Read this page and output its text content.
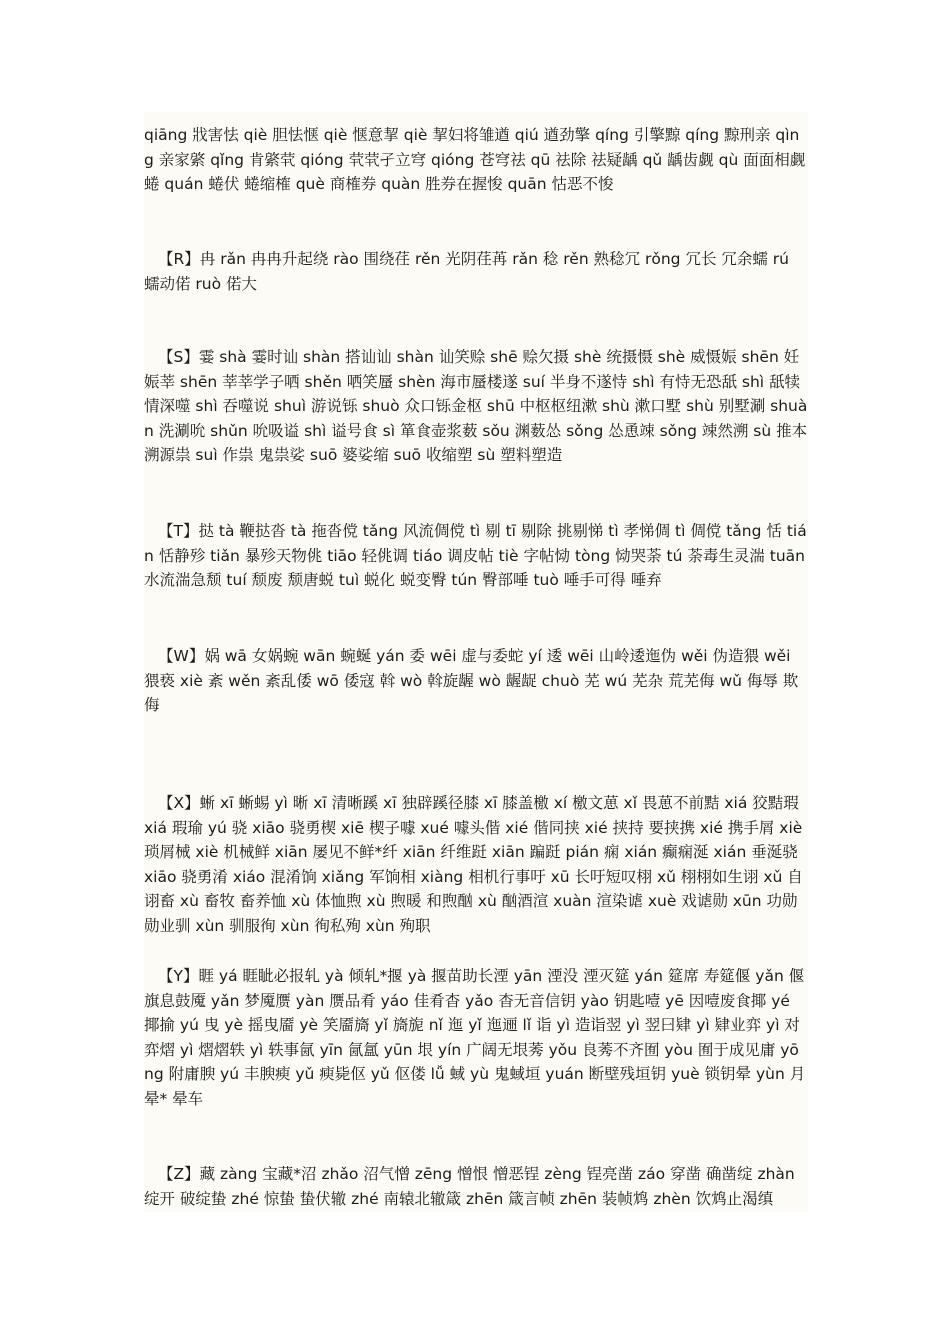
qiāng 戕害怯 qiè 胆怯惬 qiè 惬意挈 qiè 挈妇将雏遒 qiú 遒劲擎 qíng 引擎黥 qíng 黥刑亲 qìng 亲家綮 qǐng 肯綮茕 qióng 茕茕孑立穹 qióng 苍穹祛 qū 祛除 祛疑龋 qǔ 龋齿觑 qù 面面相觑蜷 quán 蜷伏 蜷缩榷 què 商榷券 quàn 胜券在握悛 quān 怙恶不悛
【R】冉 rǎn 冉冉升起绕 rào 围绕荏 rěn 光阴荏苒 rǎn 稔 rěn 熟稔冗 rǒng 冗长 冗余蠕 rú 蠕动偌 ruò 偌大
【S】霎 shà 霎时讪 shàn 搭讪讪 shàn 讪笑赊 shē 赊欠摄 shè 统摄慑 shè 威慑娠 shēn 妊娠莘 shēn 莘莘学子哂 shěn 哂笑蜃 shèn 海市蜃楼遂 suí 半身不遂恃 shì 有恃无恐舐 shì 舐犊情深噬 shì 吞噬说 shuì 游说铄 shuò 众口铄金枢 shū 中枢枢纽漱 shù 漱口墅 shù 别墅涮 shuàn 洗涮吮 shǔn 吮吸谥 shì 谥号食 sì 箪食壶浆薮 sǒu 渊薮怂 sǒng 怂恿竦 sǒng 竦然溯 sù 推本溯源祟 suì 作祟 鬼祟娑 suō 婆娑缩 suō 收缩塑 sù 塑料塑造
【T】挞 tà 鞭挞沓 tà 拖沓傥 tǎng 风流倜傥 tì 剔 tī 剔除 挑剔悌 tì 孝悌倜 tì 倜傥 tǎng 恬 tián 恬静殄 tiǎn 暴殄天物佻 tiāo 轻佻调 tiáo 调皮帖 tiè 字帖恸 tòng 恸哭荼 tú 荼毒生灵湍 tuān 水流湍急颓 tuí 颓废 颓唐蜕 tuì 蜕化 蜕变臀 tún 臀部唾 tuò 唾手可得 唾弃
【W】娲 wā 女娲蜿 wān 蜿蜒 yán 委 wēi 虚与委蛇 yí 逶 wēi 山岭逶迤伪 wěi 伪造猥 wěi 猥亵 xiè 紊 wěn 紊乱倭 wō 倭寇 斡 wò 斡旋龌 wò 龌龊 chuò 芜 wú 芜杂 荒芜侮 wǔ 侮辱 欺侮
【X】蜥 xī 蜥蜴 yì 晰 xī 清晰蹊 xī 独辟蹊径膝 xī 膝盖檄 xí 檄文葸 xǐ 畏葸不前黠 xiá 狡黠瑕 xiá 瑕瑜 yú 骁 xiāo 骁勇楔 xiē 楔子噱 xué 噱头偕 xié 偕同挟 xié 挟持 要挟携 xié 携手屑 xiè 琐屑械 xiè 机械鲜 xiān 屡见不鲜*纤 xiān 纤维跹 xiān 蹁跹 pián 痫 xián 癫痫涎 xián 垂涎骁 xiāo 骁勇淆 xiáo 混淆饷 xiǎng 军饷相 xiàng 相机行事吁 xū 长吁短叹栩 xǔ 栩栩如生诩 xǔ 自诩畜 xù 畜牧 畜养恤 xù 体恤煦 xù 煦暖 和煦酗 xù 酗酒渲 xuàn 渲染谑 xuè 戏谑勋 xūn 功勋 勋业驯 xùn 驯服徇 xùn 徇私殉 xùn 殉职
【Y】睚 yá 睚眦必报轧 yà 倾轧*揠 yà 揠苗助长湮 yān 湮没 湮灭筵 yán 筵席 寿筵偃 yǎn 偃旗息鼓魇 yǎn 梦魇赝 yàn 赝品肴 yáo 佳肴杳 yǎo 杳无音信钥 yào 钥匙噎 yē 因噎废食揶 yé 揶揄 yú 曳 yè 摇曳靥 yè 笑靥旖 yǐ 旖旎 nǐ 迤 yǐ 迤逦 lǐ 诣 yì 造诣翌 yì 翌曰肄 yì 肄业弈 yì 对弈熠 yì 熠熠轶 yì 轶事氤 yīn 氤氲 yūn 垠 yín 广阔无垠莠 yǒu 良莠不齐囿 yòu 囿于成见庸 yōng 附庸腴 yú 丰腴瘐 yǔ 瘐毙伛 yǔ 伛偻 lǚ 蜮 yù 鬼蜮垣 yuán 断壁残垣钥 yuè 锁钥晕 yùn 月晕* 晕车
【Z】藏 zàng 宝藏*沼 zhǎo 沼气憎 zēng 憎恨 憎恶锃 zèng 锃亮凿 záo 穿凿 确凿绽 zhàn 绽开 破绽蛰 zhé 惊蛰 蛰伏辙 zhé 南辕北辙箴 zhēn 箴言帧 zhēn 装帧鸩 zhèn 饮鸩止渴缜
